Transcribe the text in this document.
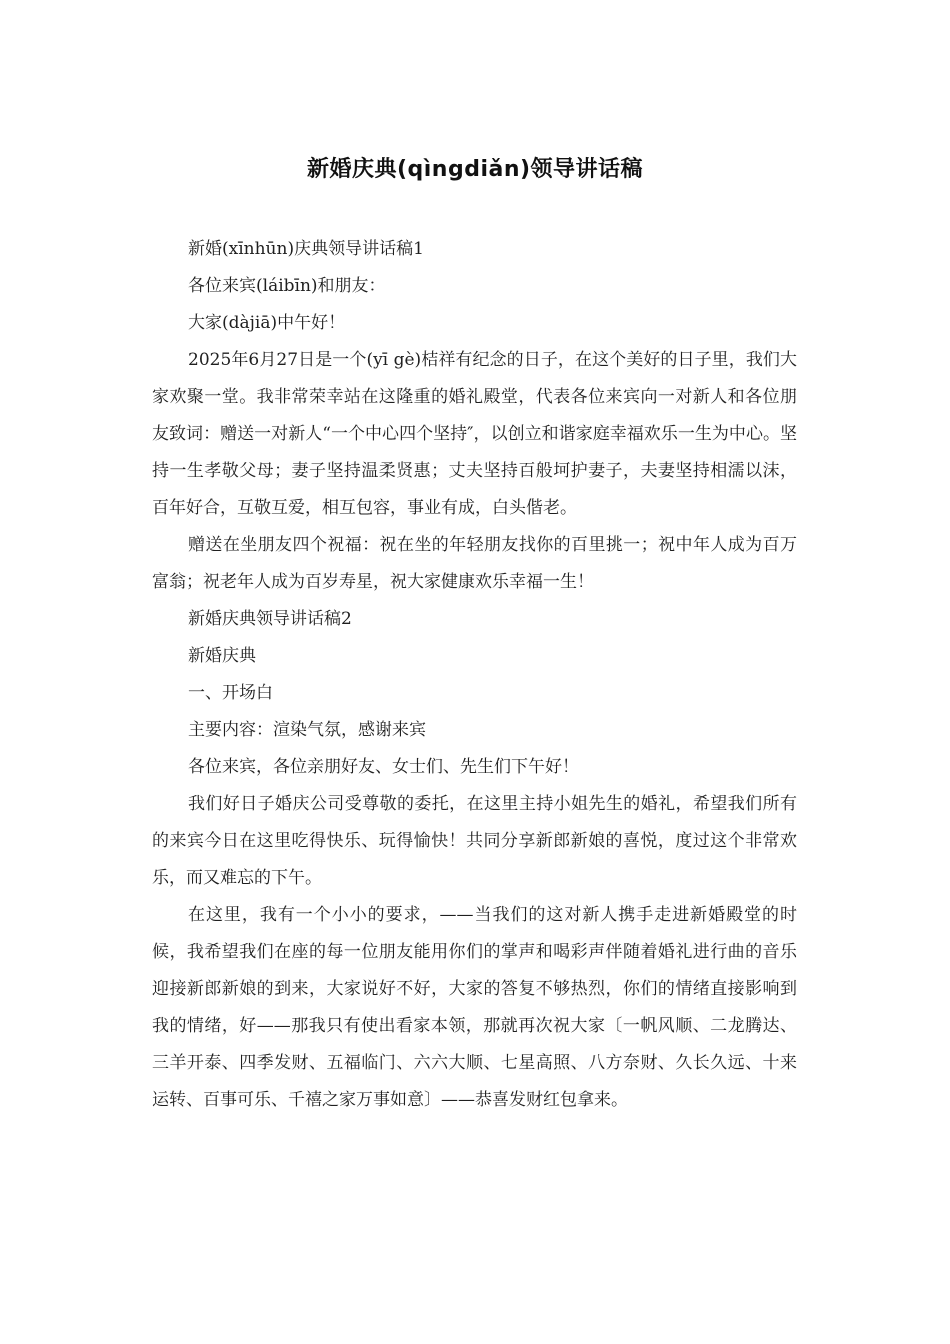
新婚庆典(qìngdiǎn)领导讲话稿

新婚(xīnhūn)庆典领导讲话稿1

各位来宾(láibīn)和朋友：

大家(dàjiā)中午好！

2025年6月27日是一个(yī gè)桔祥有纪念的日子，在这个美好的日子里，我们大家欢聚一堂。我非常荣幸站在这隆重的婚礼殿堂，代表各位来宾向一对新人和各位朋友致词：赠送一对新人“一个中心四个坚持″，以创立和谐家庭幸福欢乐一生为中心。坚持一生孝敬父母；妻子坚持温柔贤惠；丈夫坚持百般坷护妻子，夫妻坚持相濡以沫，百年好合，互敬互爱，相互包容，事业有成，白头偕老。

赠送在坐朋友四个祝福：祝在坐的年轻朋友找你的百里挑一；祝中年人成为百万富翁；祝老年人成为百岁寿星，祝大家健康欢乐幸福一生！

新婚庆典领导讲话稿2

新婚庆典

一、开场白

主要内容：渲染气氛，感谢来宾

各位来宾，各位亲朋好友、女士们、先生们下午好！

我们好日子婚庆公司受尊敬的委托，在这里主持小姐先生的婚礼，希望我们所有的来宾今日在这里吃得快乐、玩得愉快！共同分享新郎新娘的喜悦，度过这个非常欢乐，而又难忘的下午。

在这里，我有一个小小的要求，——当我们的这对新人携手走进新婚殿堂的时候，我希望我们在座的每一位朋友能用你们的掌声和喝彩声伴随着婚礼进行曲的音乐迎接新郎新娘的到来，大家说好不好，大家的答复不够热烈，你们的情绪直接影响到我的情绪，好——那我只有使出看家本领，那就再次祝大家〔一帆风顺、二龙腾达、三羊开泰、四季发财、五福临门、六六大顺、七星高照、八方奈财、久长久远、十来运转、百事可乐、千禧之家万事如意〕——恭喜发财红包拿来。
